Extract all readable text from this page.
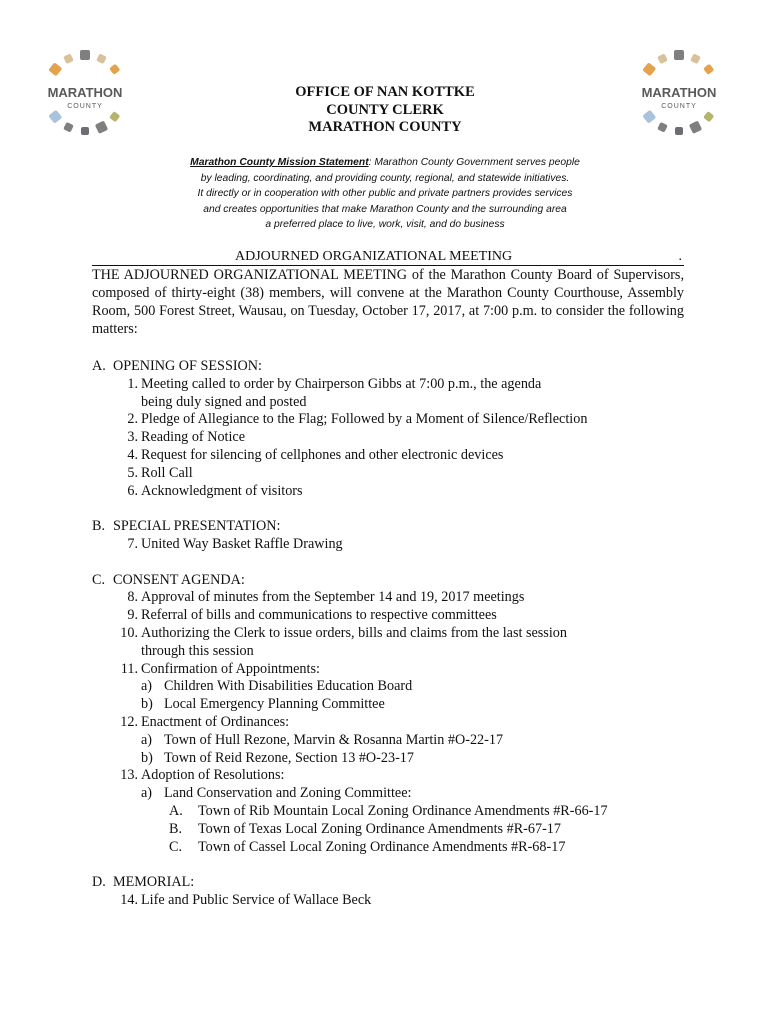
MARATHON
COUNTY
MARATHON
COUNTY
OFFICE OF NAN KOTTKE
COUNTY CLERK
MARATHON COUNTY
Marathon County Mission Statement: Marathon County Government serves people
by leading, coordinating, and providing county, regional, and statewide initiatives.
It directly or in cooperation with other public and private partners provides services
and creates opportunities that make Marathon County and the surrounding area
a preferred place to live, work, visit, and do business
ADJOURNED ORGANIZATIONAL MEETING	.
THE ADJOURNED ORGANIZATIONAL MEETING of the Marathon County Board of Supervisors, composed of thirty-eight (38) members, will convene at the Marathon County Courthouse, Assembly Room, 500 Forest Street, Wausau, on Tuesday, October 17, 2017, at 7:00 p.m. to consider the following matters:
A. OPENING OF SESSION:
1. Meeting called to order by Chairperson Gibbs at 7:00 p.m., the agenda
being duly signed and posted
2. Pledge of Allegiance to the Flag; Followed by a Moment of Silence/Reflection
3. Reading of Notice
4. Request for silencing of cellphones and other electronic devices
5. Roll Call
6. Acknowledgment of visitors
B. SPECIAL PRESENTATION:
7. United Way Basket Raffle Drawing
C. CONSENT AGENDA:
8. Approval of minutes from the September 14 and 19, 2017 meetings
9. Referral of bills and communications to respective committees
10. Authorizing the Clerk to issue orders, bills and claims from the last session
through this session
11. Confirmation of Appointments:
a) Children With Disabilities Education Board
b) Local Emergency Planning Committee
12. Enactment of Ordinances:
a) Town of Hull Rezone, Marvin & Rosanna Martin #O-22-17
b) Town of Reid Rezone, Section 13 #O-23-17
13. Adoption of Resolutions:
a) Land Conservation and Zoning Committee:
A.	Town of Rib Mountain Local Zoning Ordinance Amendments #R-66-17
B.	Town of Texas Local Zoning Ordinance Amendments #R-67-17
C.	Town of Cassel Local Zoning Ordinance Amendments #R-68-17
D. MEMORIAL:
14. Life and Public Service of Wallace Beck
